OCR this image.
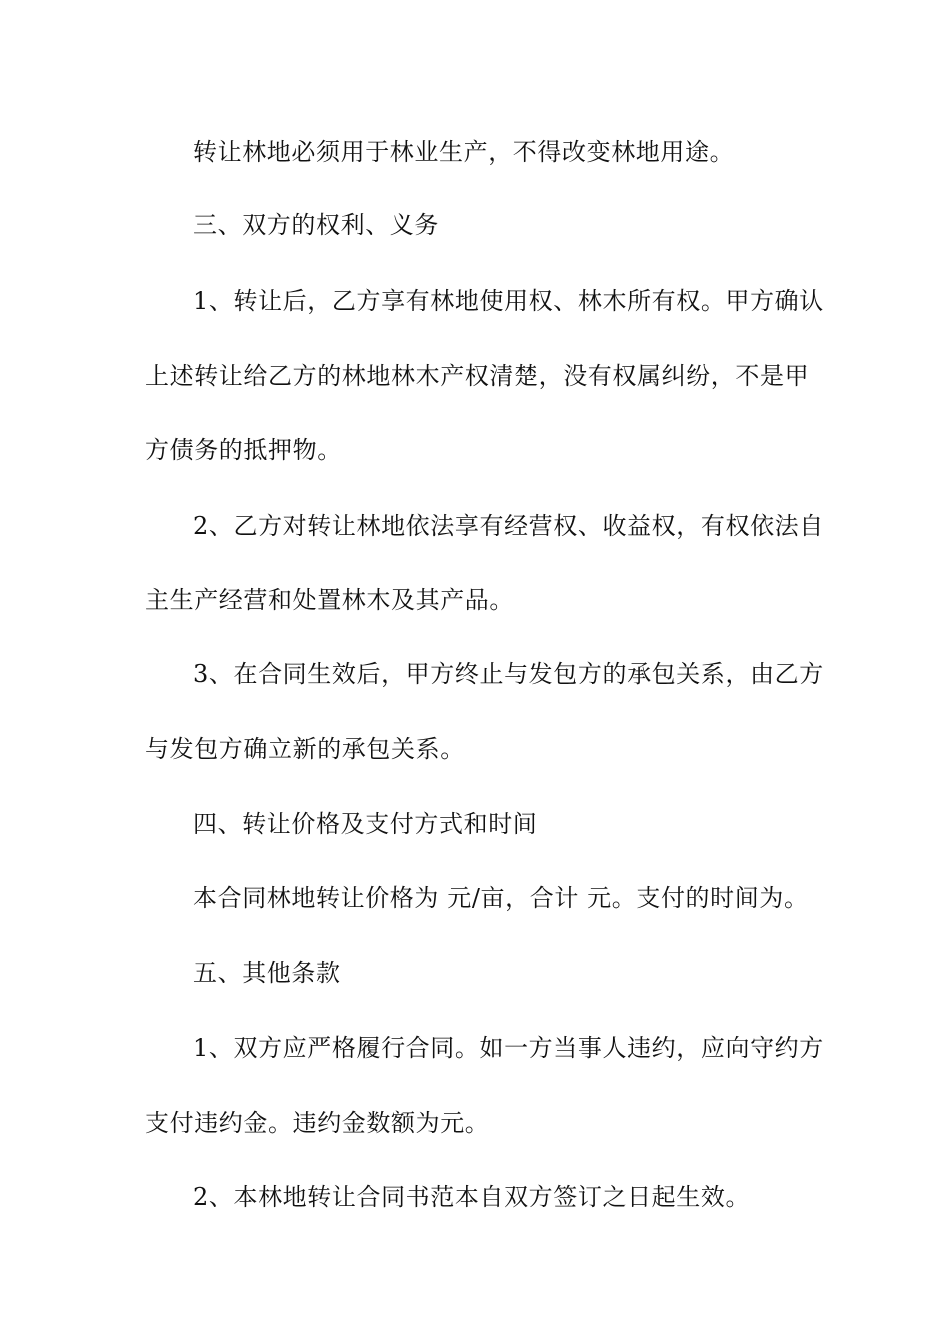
转让林地必须用于林业生产，不得改变林地用途。
三、双方的权利、义务
1、转让后，乙方享有林地使用权、林木所有权。甲方确认
上述转让给乙方的林地林木产权清楚，没有权属纠纷，不是甲
方债务的抵押物。
2、乙方对转让林地依法享有经营权、收益权，有权依法自
主生产经营和处置林木及其产品。
3、在合同生效后，甲方终止与发包方的承包关系，由乙方
与发包方确立新的承包关系。
四、转让价格及支付方式和时间
本合同林地转让价格为 元/亩，合计 元。支付的时间为。
五、其他条款
1、双方应严格履行合同。如一方当事人违约，应向守约方
支付违约金。违约金数额为元。
2、本林地转让合同书范本自双方签订之日起生效。
